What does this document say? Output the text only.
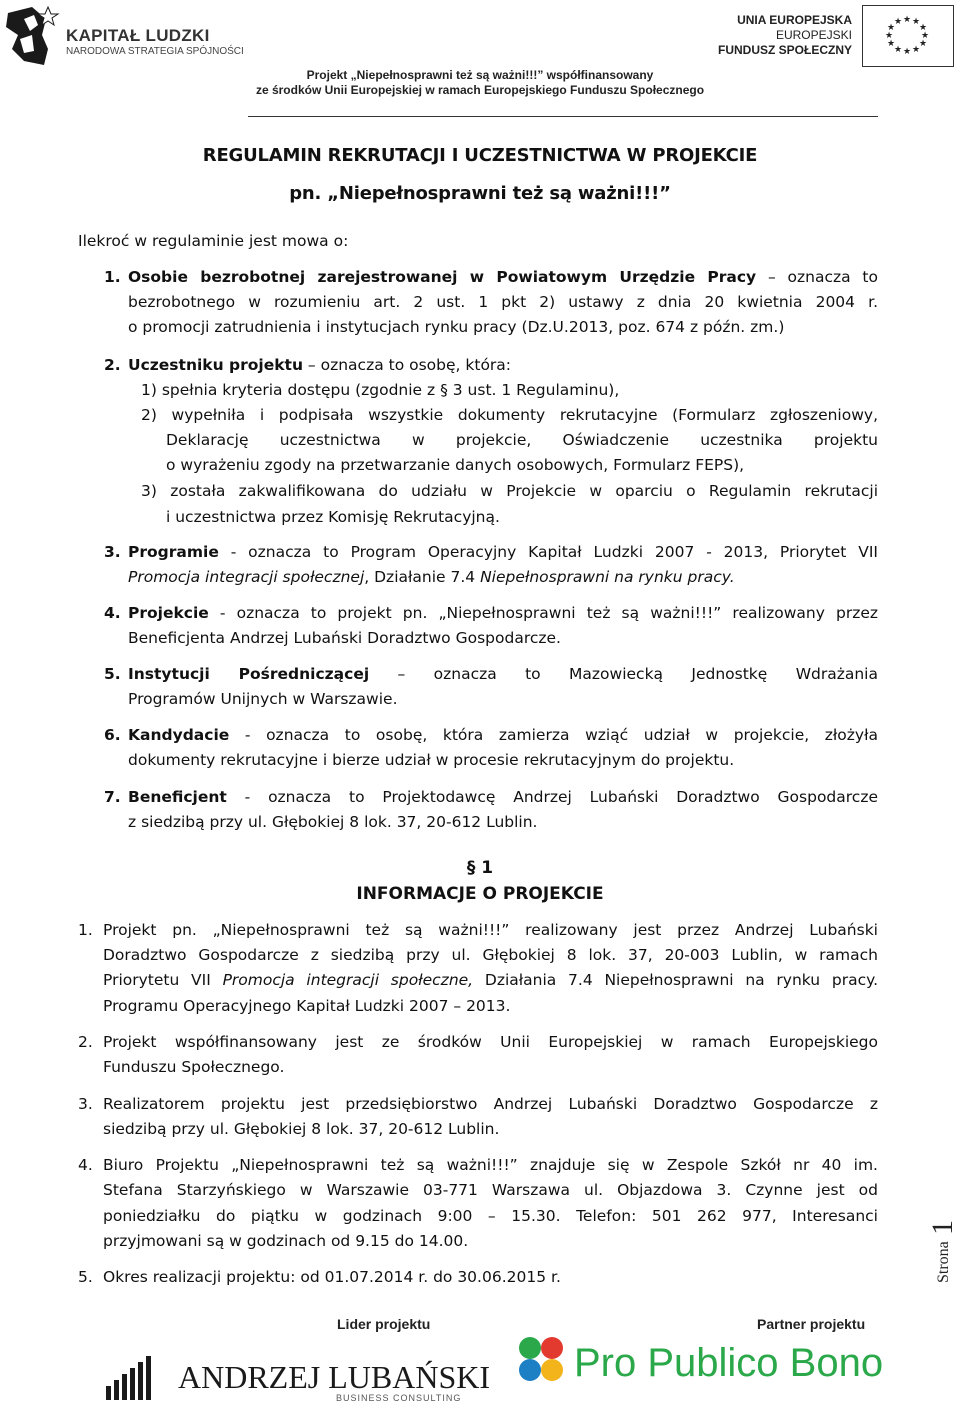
KAPITAŁ LUDZKI
NARODOWA STRATEGIA SPÓJNOŚCI
UNIA EUROPEJSKA
EUROPEJSKI
FUNDUSZ SPOŁECZNY
★ ★
★
★
★
★
★
★
★
★
★
★
Projekt „Niepełnosprawni też są ważni!!!” współfinansowany
ze środków Unii Europejskiej w ramach Europejskiego Funduszu Społecznego
REGULAMIN REKRUTACJI I UCZESTNICTWA W PROJEKCIE
pn. „Niepełnosprawni też są ważni!!!”
Ilekroć w regulaminie jest mowa o:
1. Osobie bezrobotnej zarejestrowanej w Powiatowym Urzędzie Pracy – oznacza to
bezrobotnego w rozumieniu art. 2 ust. 1 pkt 2) ustawy z dnia 20 kwietnia 2004 r.
o promocji zatrudnienia i instytucjach rynku pracy (Dz.U.2013, poz. 674 z późn. zm.)
2. Uczestniku projektu – oznacza to osobę, która:
1) spełnia kryteria dostępu (zgodnie z § 3 ust. 1 Regulaminu),
2) wypełniła i podpisała wszystkie dokumenty rekrutacyjne (Formularz zgłoszeniowy,
Deklarację uczestnictwa w projekcie, Oświadczenie uczestnika projektu
o wyrażeniu zgody na przetwarzanie danych osobowych, Formularz FEPS),
3) została zakwalifikowana do udziału w Projekcie w oparciu o Regulamin rekrutacji
i uczestnictwa przez Komisję Rekrutacyjną.
3. Programie - oznacza to Program Operacyjny Kapitał Ludzki 2007 - 2013, Priorytet VII
Promocja integracji społecznej, Działanie 7.4 Niepełnosprawni na rynku pracy.
4. Projekcie - oznacza to projekt pn. „Niepełnosprawni też są ważni!!!” realizowany przez
Beneficjenta Andrzej Lubański Doradztwo Gospodarcze.
5. Instytucji Pośredniczącej – oznacza to Mazowiecką Jednostkę Wdrażania
Programów Unijnych w Warszawie.
6. Kandydacie - oznacza to osobę, która zamierza wziąć udział w projekcie, złożyła
dokumenty rekrutacyjne i bierze udział w procesie rekrutacyjnym do projektu.
7. Beneficjent - oznacza to Projektodawcę Andrzej Lubański Doradztwo Gospodarcze
z siedzibą przy ul. Głębokiej 8 lok. 37, 20-612 Lublin.
§ 1
INFORMACJE O PROJEKCIE
1. Projekt pn. „Niepełnosprawni też są ważni!!!” realizowany jest przez Andrzej Lubański
Doradztwo Gospodarcze z siedzibą przy ul. Głębokiej 8 lok. 37, 20-003 Lublin, w ramach
Priorytetu VII Promocja integracji społeczne, Działania 7.4 Niepełnosprawni na rynku pracy.
Programu Operacyjnego Kapitał Ludzki 2007 – 2013.
2. Projekt współfinansowany jest ze środków Unii Europejskiej w ramach Europejskiego
Funduszu Społecznego.
3. Realizatorem projektu jest przedsiębiorstwo Andrzej Lubański Doradztwo Gospodarcze z
siedzibą przy ul. Głębokiej 8 lok. 37, 20-612 Lublin.
4. Biuro Projektu „Niepełnosprawni też są ważni!!!” znajduje się w Zespole Szkół nr 40 im.
Stefana Starzyńskiego w Warszawie 03-771 Warszawa ul. Objazdowa 3. Czynne jest od
poniedziałku do piątku w godzinach 9:00 – 15.30. Telefon: 501 262 977, Interesanci
przyjmowani są w godzinach od 9.15 do 14.00.
5. Okres realizacji projektu: od 01.07.2014 r. do 30.06.2015 r.	Strona
1
Lider projektu	Partner projektu
ANDRZEJ LUBAŃSKI
BUSINESS CONSULTING
Pro Publico Bono
